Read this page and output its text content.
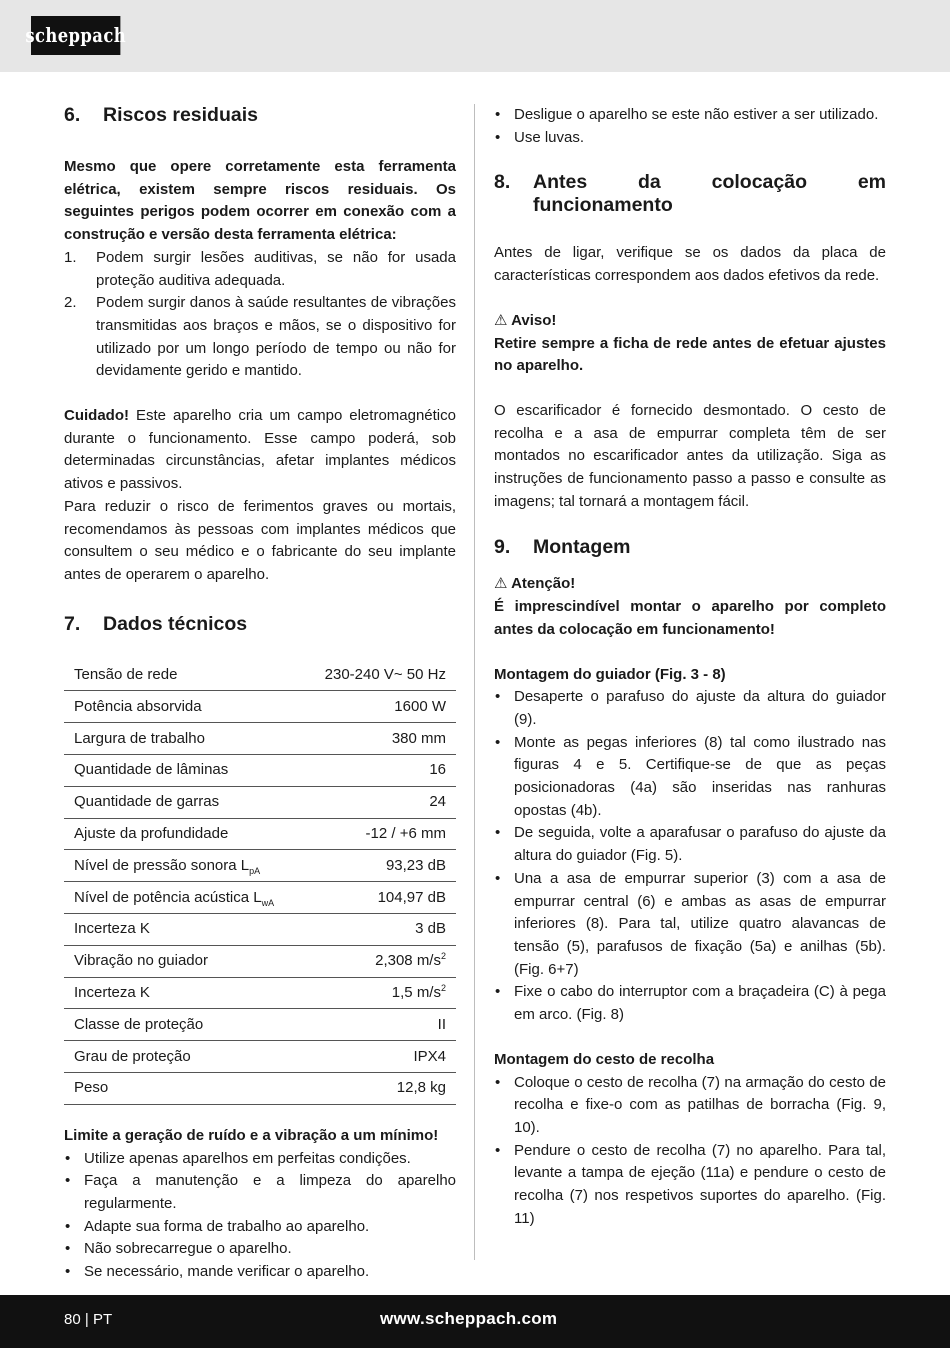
scheppach
6.	Riscos residuais

Mesmo que opere corretamente esta ferramenta elétrica, existem sempre riscos residuais. Os seguintes perigos podem ocorrer em conexão com a construção e versão desta ferramenta elétrica:

1.	Podem surgir lesões auditivas, se não for usada proteção auditiva adequada.
2.	Podem surgir danos à saúde resultantes de vibrações transmitidas aos braços e mãos, se o dispositivo for utilizado por um longo período de tempo ou não for devidamente gerido e mantido.

Cuidado! Este aparelho cria um campo eletromagnético durante o funcionamento. Esse campo poderá, sob determinadas circunstâncias, afetar implantes médicos ativos e passivos.

Para reduzir o risco de ferimentos graves ou mortais, recomendamos às pessoas com implantes médicos que consultem o seu médico e o fabricante do seu implante antes de operarem o aparelho.

7.	Dados técnicos
Tensão de rede	230-240 V~ 50 Hz
Potência absorvida	1600 W
Largura de trabalho	380 mm
Quantidade de lâminas	16
Quantidade de garras	24
Ajuste da profundidade	-12 / +6 mm
Nível de pressão sonora $L_{pA}$	93,23 dB
Nível de potência acústica $L_{wA}$	104,97 dB
Incerteza K	3 dB
Vibração no guiador	2,308 $m/s^2$
Incerteza K	1,5 $m/s^2$
Classe de proteção	II
Grau de proteção	IPX4
Peso	12,8 kg

Limite a geração de ruído e a vibração a um mínimo!

• Utilize apenas aparelhos em perfeitas condições.
• Faça a manutenção e a limpeza do aparelho regularmente.
• Adapte sua forma de trabalho ao aparelho.
• Não sobrecarregue o aparelho.
• Se necessário, mande verificar o aparelho.
• Desligue o aparelho se este não estiver a ser utilizado.
• Use luvas.
8.	Antes da colocação em funcionamento

Antes de ligar, verifique se os dados da placa de características correspondem aos dados efetivos da rede.

⚠ Aviso!

Retire sempre a ficha de rede antes de efetuar ajustes no aparelho.

O escarificador é fornecido desmontado. O cesto de recolha e a asa de empurrar completa têm de ser montados no escarificador antes da utilização. Siga as instruções de funcionamento passo a passo e consulte as imagens; tal tornará a montagem fácil.

9.	Montagem

⚠ Atenção!

É imprescindível montar o aparelho por completo antes da colocação em funcionamento!

Montagem do guiador (Fig. 3 - 8)

• Desaperte o parafuso do ajuste da altura do guiador (9).
• Monte as pegas inferiores (8) tal como ilustrado nas figuras 4 e 5. Certifique-se de que as peças posicionadoras (4a) são inseridas nas ranhuras opostas (4b).
• De seguida, volte a aparafusar o parafuso do ajuste da altura do guiador (Fig. 5).
• Una a asa de empurrar superior (3) com a asa de empurrar central (6) e ambas as asas de empurrar inferiores (8). Para tal, utilize quatro alavancas de tensão (5), parafusos de fixação (5a) e anilhas (5b). (Fig. 6+7)
• Fixe o cabo do interruptor com a braçadeira (C) à pega em arco. (Fig. 8)

Montagem do cesto de recolha

• Coloque o cesto de recolha (7) na armação do cesto de recolha e fixe-o com as patilhas de borracha (Fig. 9, 10).
• Pendure o cesto de recolha (7) no aparelho. Para tal, levante a tampa de ejeção (11a) e pendure o cesto de recolha (7) nos respetivos suportes do aparelho. (Fig. 11)
80 | PT	www.scheppach.com
